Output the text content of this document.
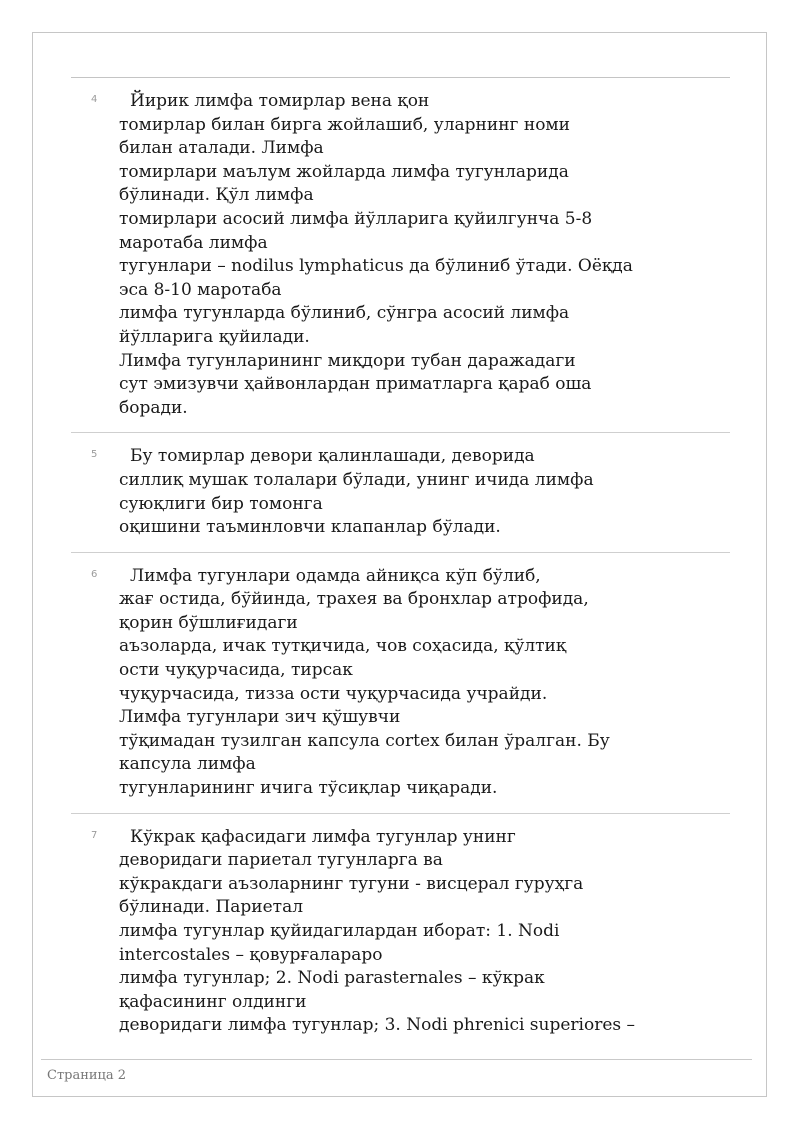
4	Йирик лимфа томирлар вена қон
томирлар билан бирга жойлашиб, уларнинг номи
билан аталади. Лимфа
томирлари маълум жойларда лимфа тугунларида
бўлинади. Қўл лимфа
томирлари асосий лимфа йўлларига қуйилгунча 5-8
маротаба лимфа
тугунлари – nodilus lymphaticus да бўлиниб ўтади. Оёқда
эса 8-10 маротаба
лимфа тугунларда бўлиниб, сўнгра асосий лимфа
йўлларига қуйилади.
Лимфа тугунларининг миқдори тубан даражадаги
сут эмизувчи ҳайвонлардан приматларга қараб оша
боради.
5	Бу томирлар девори қалинлашади, деворида
силлиқ мушак толалари бўлади, унинг ичида лимфа
суюқлиги бир томонга
оқишини таъминловчи клапанлар бўлади.
6	Лимфа тугунлари одамда айниқса кўп бўлиб,
жағ остида, бўйинда, трахея ва бронхлар атрофида,
қорин бўшлиғидаги
аъзоларда, ичак тутқичида, чов соҳасида, қўлтиқ
ости чуқурчасида, тирсак
чуқурчасида, тизза ости чуқурчасида учрайди.
Лимфа тугунлари зич қўшувчи
тўқимадан тузилган капсула cortex билан ўралган. Бу
капсула лимфа
тугунларининг ичига тўсиқлар чиқаради.
7	Кўкрак қафасидаги лимфа тугунлар унинг
деворидаги париетал тугунларга ва
кўкракдаги аъзоларнинг тугуни - висцерал гуруҳга
бўлинади. Париетал
лимфа тугунлар қуйидагилардан иборат: 1. Nodi
intercostales – қовурғалараро
лимфа тугунлар; 2. Nodi parasternales – кўкрак
қафасининг олдинги
деворидаги лимфа тугунлар; 3. Nodi phrenici superiores –
Страница 2
